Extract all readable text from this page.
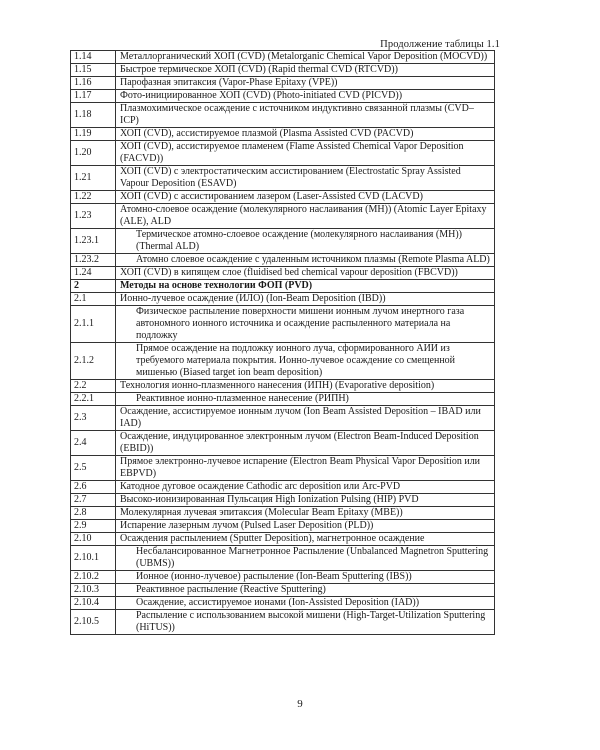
Продолжение таблицы 1.1
1.14	Металлорганический ХОП (CVD) (Metalorganic Chemical Vapor Deposition (MOCVD))
1.15	Быстрое термическое ХОП (CVD) (Rapid thermal CVD (RTCVD))
1.16	Парофазная эпитаксия (Vapor-Phase Epitaxy (VPE))
1.17	Фото-инициированное ХОП (CVD) (Photo-initiated CVD (PICVD))
1.18	Плазмохимическое осаждение с источником индуктивно связанной плазмы (CVD–ICP)
1.19	ХОП (CVD), ассистируемое плазмой (Plasma Assisted CVD (PACVD)
1.20	ХОП (CVD), ассистируемое пламенем (Flame Assisted Chemical Vapor Deposition (FACVD))
1.21	ХОП (CVD) с электростатическим ассистированием (Electrostatic Spray Assisted Vapour Deposition (ESAVD)
1.22	ХОП (CVD) с ассистированием лазером (Laser-Assisted CVD (LACVD)
1.23	Атомно-слоевое осаждение (молекулярного наслаивания (МН)) (Atomic Layer Epitaxy (ALE), ALD
1.23.1	Термическое атомно-слоевое осаждение (молекулярного наслаивания (МН)) (Thermal ALD)
1.23.2	Атомно слоевое осаждение с удаленным источником плазмы (Remote Plasma ALD)
1.24	ХОП (CVD) в кипящем слое (fluidised bed chemical vapour deposition (FBCVD))
2	Методы на основе технологии ФОП (PVD)
2.1	Ионно-лучевое осаждение (ИЛО) (Ion-Beam Deposition (IBD))
2.1.1	Физическое распыление поверхности мишени ионным лучом инертного газа автономного ионного источника и осаждение распыленного материала на подложку
2.1.2	Прямое осаждение на подложку ионного луча, сформированного АИИ из требуемого материала покрытия. Ионно-лучевое осаждение со смещенной мишенью (Biased target ion beam deposition)
2.2	Технология ионно-плазменного нанесения (ИПН) (Evaporative deposition)
2.2.1	Реактивное ионно-плазменное нанесение (РИПН)
2.3	Осаждение, ассистируемое ионным лучом (Ion Beam Assisted Deposition – IBAD или IAD)
2.4	Осаждение, индуцированное электронным лучом (Electron Beam-Induced Deposition (EBID))
2.5	Прямое электронно-лучевое испарение (Electron Beam Physical Vapor Deposition или EBPVD)
2.6	Катодное дуговое осаждение Cathodic arc deposition или Arc-PVD
2.7	Высоко-ионизированная Пульсация High Ionization Pulsing (HIP) PVD
2.8	Молекулярная лучевая эпитаксия (Molecular Beam Epitaxy (MBE))
2.9	Испарение лазерным лучом (Pulsed Laser Deposition (PLD))
2.10	Осаждения распылением (Sputter Deposition), магнетронное осаждение
2.10.1	Несбалансированное Магнетронное Распыление (Unbalanced Magnetron Sputtering (UBMS))
2.10.2	Ионное (ионно-лучевое) распыление (Ion-Beam Sputtering (IBS))
2.10.3	Реактивное распыление (Reactive Sputtering)
2.10.4	Осаждение, ассистируемое ионами (Ion-Assisted Deposition (IAD))
2.10.5	Распыление с использованием высокой мишени (High-Target-Utilization Sputtering (HiTUS))
9
